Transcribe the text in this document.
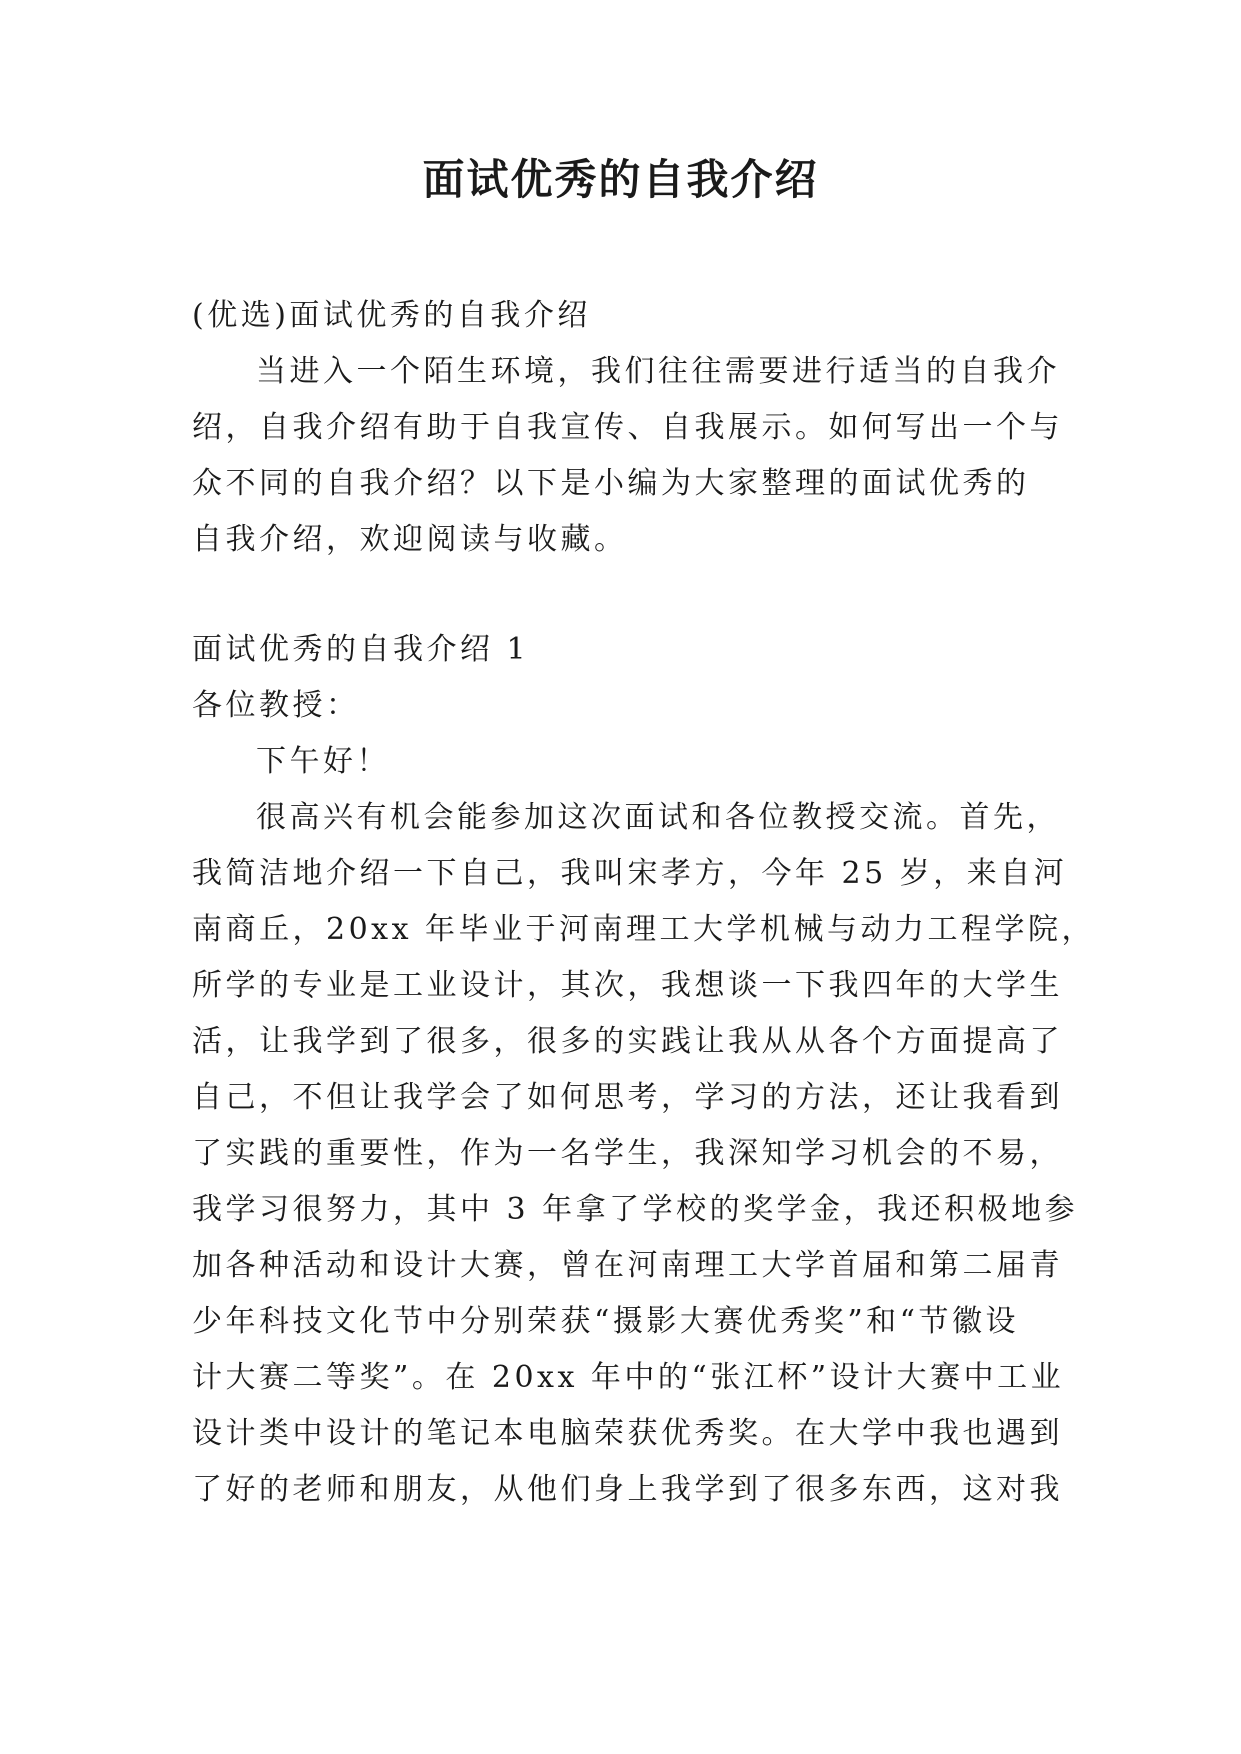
面试优秀的自我介绍

(优选)面试优秀的自我介绍

当进入一个陌生环境，我们往往需要进行适当的自我介

绍，自我介绍有助于自我宣传、自我展示。如何写出一个与

众不同的自我介绍？以下是小编为大家整理的面试优秀的

自我介绍，欢迎阅读与收藏。

面试优秀的自我介绍 1

各位教授：

下午好！

很高兴有机会能参加这次面试和各位教授交流。首先，

我简洁地介绍一下自己，我叫宋孝方，今年 25 岁，来自河

南商丘，20xx 年毕业于河南理工大学机械与动力工程学院，

所学的专业是工业设计，其次，我想谈一下我四年的大学生

活，让我学到了很多，很多的实践让我从从各个方面提高了

自己，不但让我学会了如何思考，学习的方法，还让我看到

了实践的重要性，作为一名学生，我深知学习机会的不易，

我学习很努力，其中 3 年拿了学校的奖学金，我还积极地参

加各种活动和设计大赛，曾在河南理工大学首届和第二届青

少年科技文化节中分别荣获“摄影大赛优秀奖”和“节徽设

计大赛二等奖”。在 20xx 年中的“张江杯”设计大赛中工业

设计类中设计的笔记本电脑荣获优秀奖。在大学中我也遇到

了好的老师和朋友，从他们身上我学到了很多东西，这对我
